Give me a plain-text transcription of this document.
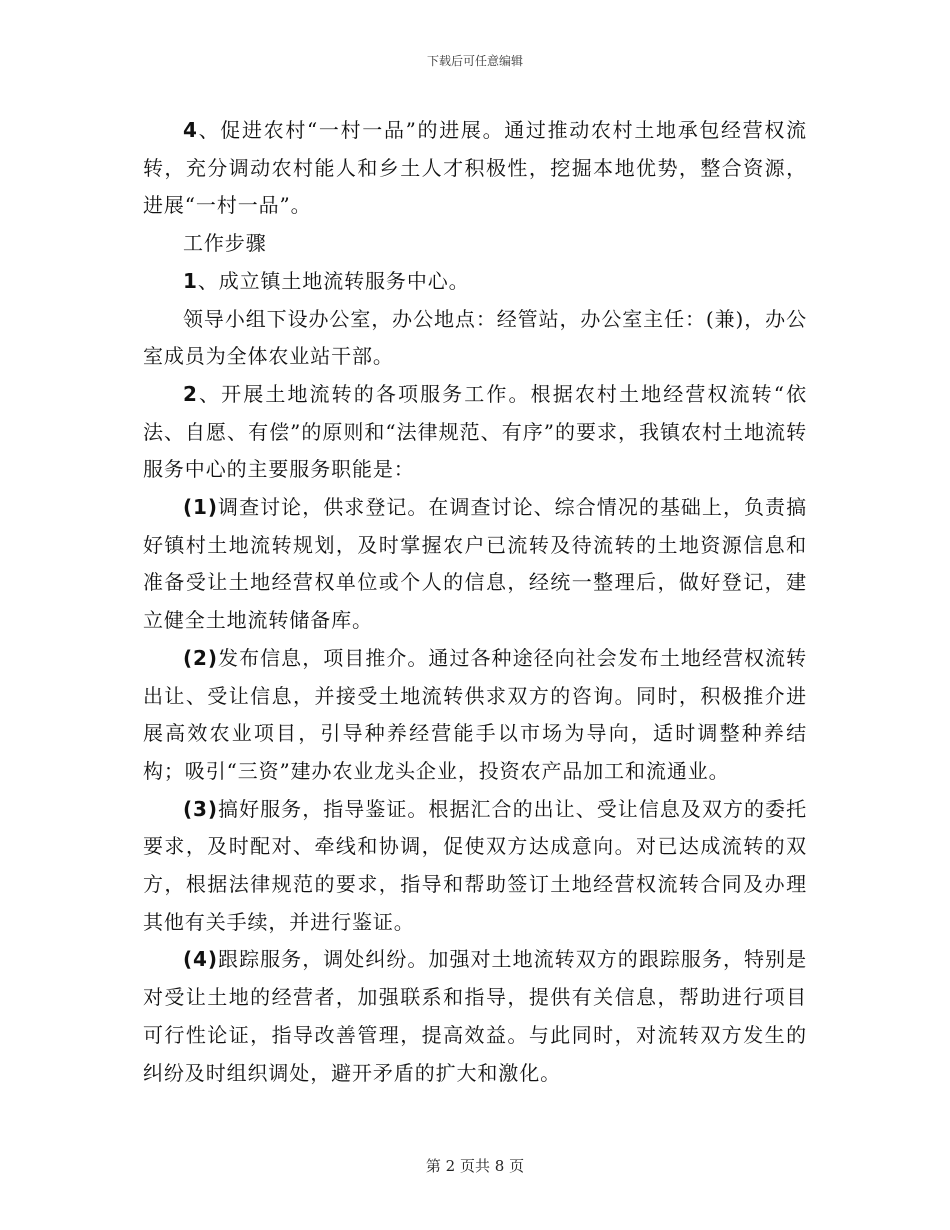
下载后可任意编辑

4、促进农村“一村一品”的进展。通过推动农村土地承包经营权流转，充分调动农村能人和乡土人才积极性，挖掘本地优势，整合资源，进展“一村一品”。

工作步骤

1、成立镇土地流转服务中心。

领导小组下设办公室，办公地点：经管站，办公室主任：(兼)，办公室成员为全体农业站干部。

2、开展土地流转的各项服务工作。根据农村土地经营权流转“依法、自愿、有偿”的原则和“法律规范、有序”的要求，我镇农村土地流转服务中心的主要服务职能是：

(1)调查讨论，供求登记。在调查讨论、综合情况的基础上，负责搞好镇村土地流转规划，及时掌握农户已流转及待流转的土地资源信息和准备受让土地经营权单位或个人的信息，经统一整理后，做好登记，建立健全土地流转储备库。

(2)发布信息，项目推介。通过各种途径向社会发布土地经营权流转出让、受让信息，并接受土地流转供求双方的咨询。同时，积极推介进展高效农业项目，引导种养经营能手以市场为导向，适时调整种养结构；吸引“三资”建办农业龙头企业，投资农产品加工和流通业。

(3)搞好服务，指导鉴证。根据汇合的出让、受让信息及双方的委托要求，及时配对、牵线和协调，促使双方达成意向。对已达成流转的双方，根据法律规范的要求，指导和帮助签订土地经营权流转合同及办理其他有关手续，并进行鉴证。

(4)跟踪服务，调处纠纷。加强对土地流转双方的跟踪服务，特别是对受让土地的经营者，加强联系和指导，提供有关信息，帮助进行项目可行性论证，指导改善管理，提高效益。与此同时，对流转双方发生的纠纷及时组织调处，避开矛盾的扩大和激化。

第 2 页共 8 页
